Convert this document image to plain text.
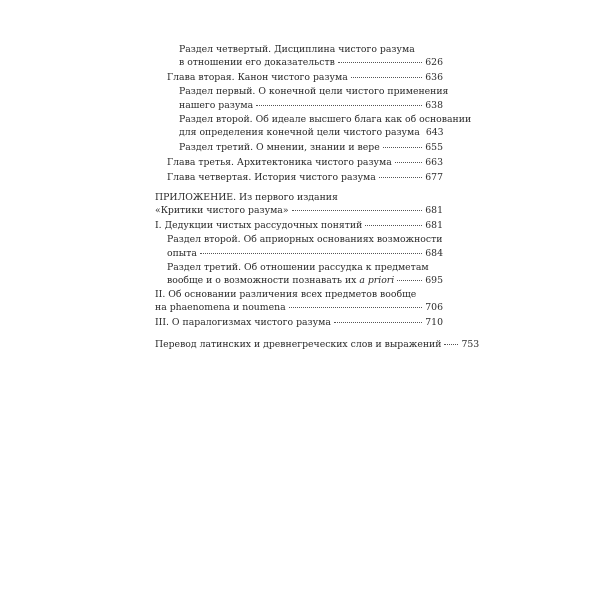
Раздел четвертый. Дисциплина чистого разума
в отношении его доказательств	626
Глава вторая. Канон чистого разума	636
Раздел первый. О конечной цели чистого применения
нашего разума	638
Раздел второй. Об идеале высшего блага как об основании
для определения конечной цели чистого разума 643
Раздел третий. О мнении, знании и вере	655
Глава третья. Архитектоника чистого разума	663
Глава четвертая. История чистого разума	677
ПРИЛОЖЕНИЕ. Из первого издания
«Критики чистого разума»	681
I. Дедукции чистых рассудочных понятий	681
Раздел второй. Об априорных основаниях возможности
опыта	684
Раздел третий. Об отношении рассудка к предметам
вообще и о возможности познавать их a priori	695
II. Об основании различения всех предметов вообще
на phaenomena и noumena	706
III. О паралогизмах чистого разума	710
Перевод латинских и древнегреческих слов и выражений 753
